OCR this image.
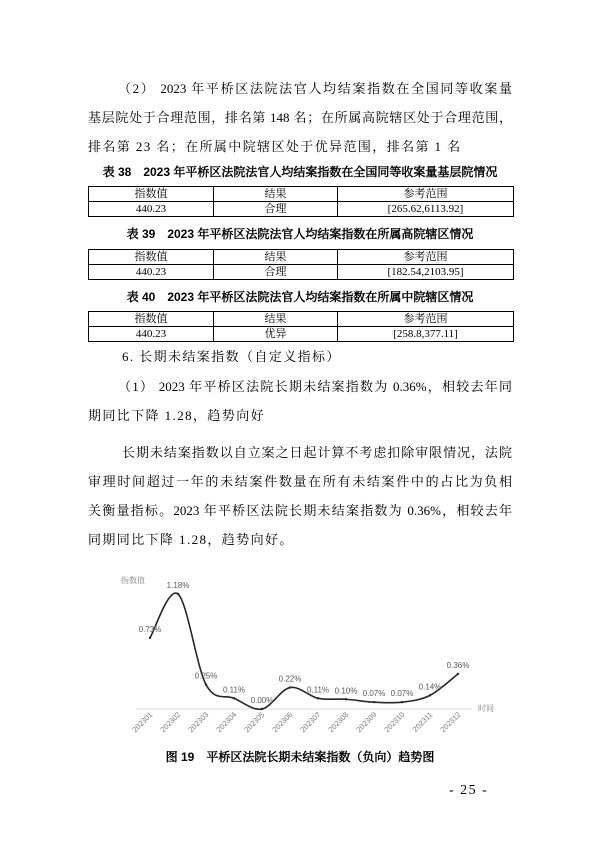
（2） 2023 年平桥区法院法官人均结案指数在全国同等收案量
基层院处于合理范围，排名第 148 名；在所属高院辖区处于合理范围，
排名第 23 名；在所属中院辖区处于优异范围，排名第 1 名
表 38　2023 年平桥区法院法官人均结案指数在全国同等收案量基层院情况
指数值	结果	参考范围
440.23	合理	[265.62,6113.92]
表 39　2023 年平桥区法院法官人均结案指数在所属高院辖区情况
指数值	结果	参考范围
440.23	合理	[182.54,2103.95]
表 40　2023 年平桥区法院法官人均结案指数在所属中院辖区情况
指数值	结果	参考范围
440.23	优异	[258.8,377.11]
6. 长期未结案指数（自定义指标）
（1） 2023 年平桥区法院长期未结案指数为 0.36%，相较去年同
期同比下降 1.28，趋势向好
长期未结案指数以自立案之日起计算不考虑扣除审限情况，法院
审理时间超过一年的未结案件数量在所有未结案件中的占比为负相
关衡量指标。2023 年平桥区法院长期未结案指数为 0.36%，相较去年
同期同比下降 1.28，趋势向好。
指数值
时间
0.73%
1.18%
0.25%
0.11%
0.00%
0.22%
0.11% 0.10% 0.07% 0.07%
0.14%
0.36%
202301 202302 202303 202304 202305 202306 202307 202308 202309 202310 202311 202312
图 19　平桥区法院长期未结案指数（负向）趋势图
- 25 -
